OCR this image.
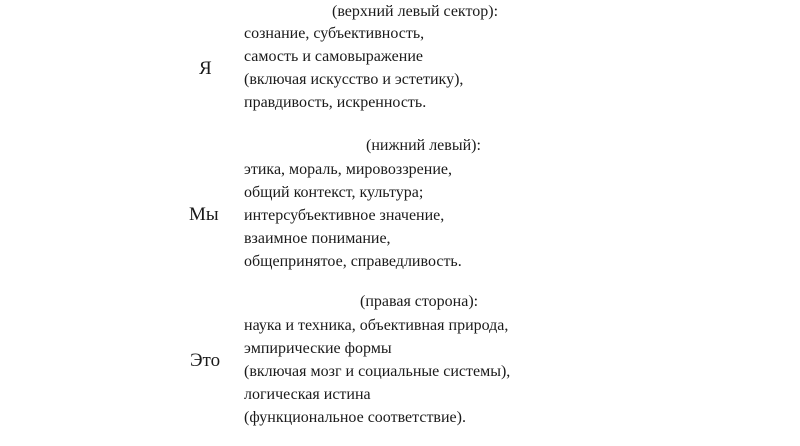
(верхний левый сектор):
Я
сознание, субъективность,
самость и самовыражение
(включая искусство и эстетику),
правдивость, искренность.
(нижний левый):
Мы
этика, мораль, мировоззрение,
общий контекст, культура;
интерсубъективное значение,
взаимное понимание,
общепринятое, справедливость.
(правая сторона):
Это
наука и техника, объективная природа,
эмпирические формы
(включая мозг и социальные системы),
логическая истина
(функциональное соответствие).
